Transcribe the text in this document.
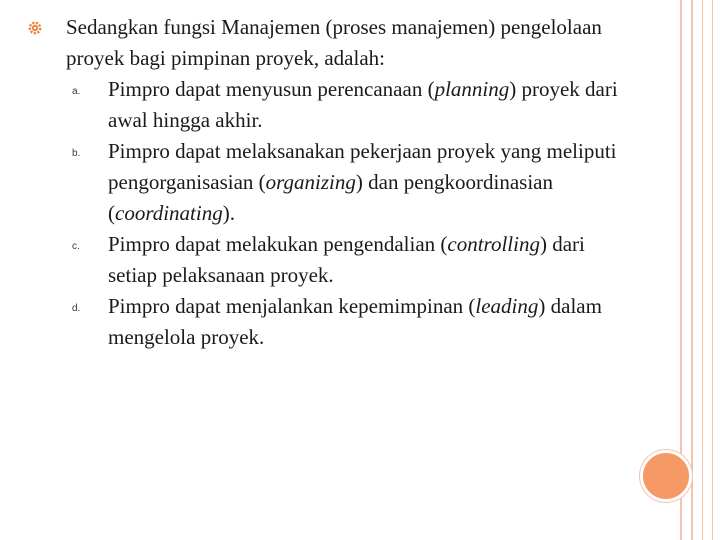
Sedangkan fungsi Manajemen (proses manajemen) pengelolaan proyek bagi pimpinan proyek, adalah:
a. Pimpro dapat menyusun perencanaan (planning) proyek dari awal hingga akhir.
b. Pimpro dapat melaksanakan pekerjaan proyek yang meliputi pengorganisasian (organizing) dan pengkoordinasian (coordinating).
c. Pimpro dapat melakukan pengendalian (controlling) dari setiap pelaksanaan proyek.
d. Pimpro dapat menjalankan kepemimpinan (leading) dalam mengelola proyek.
